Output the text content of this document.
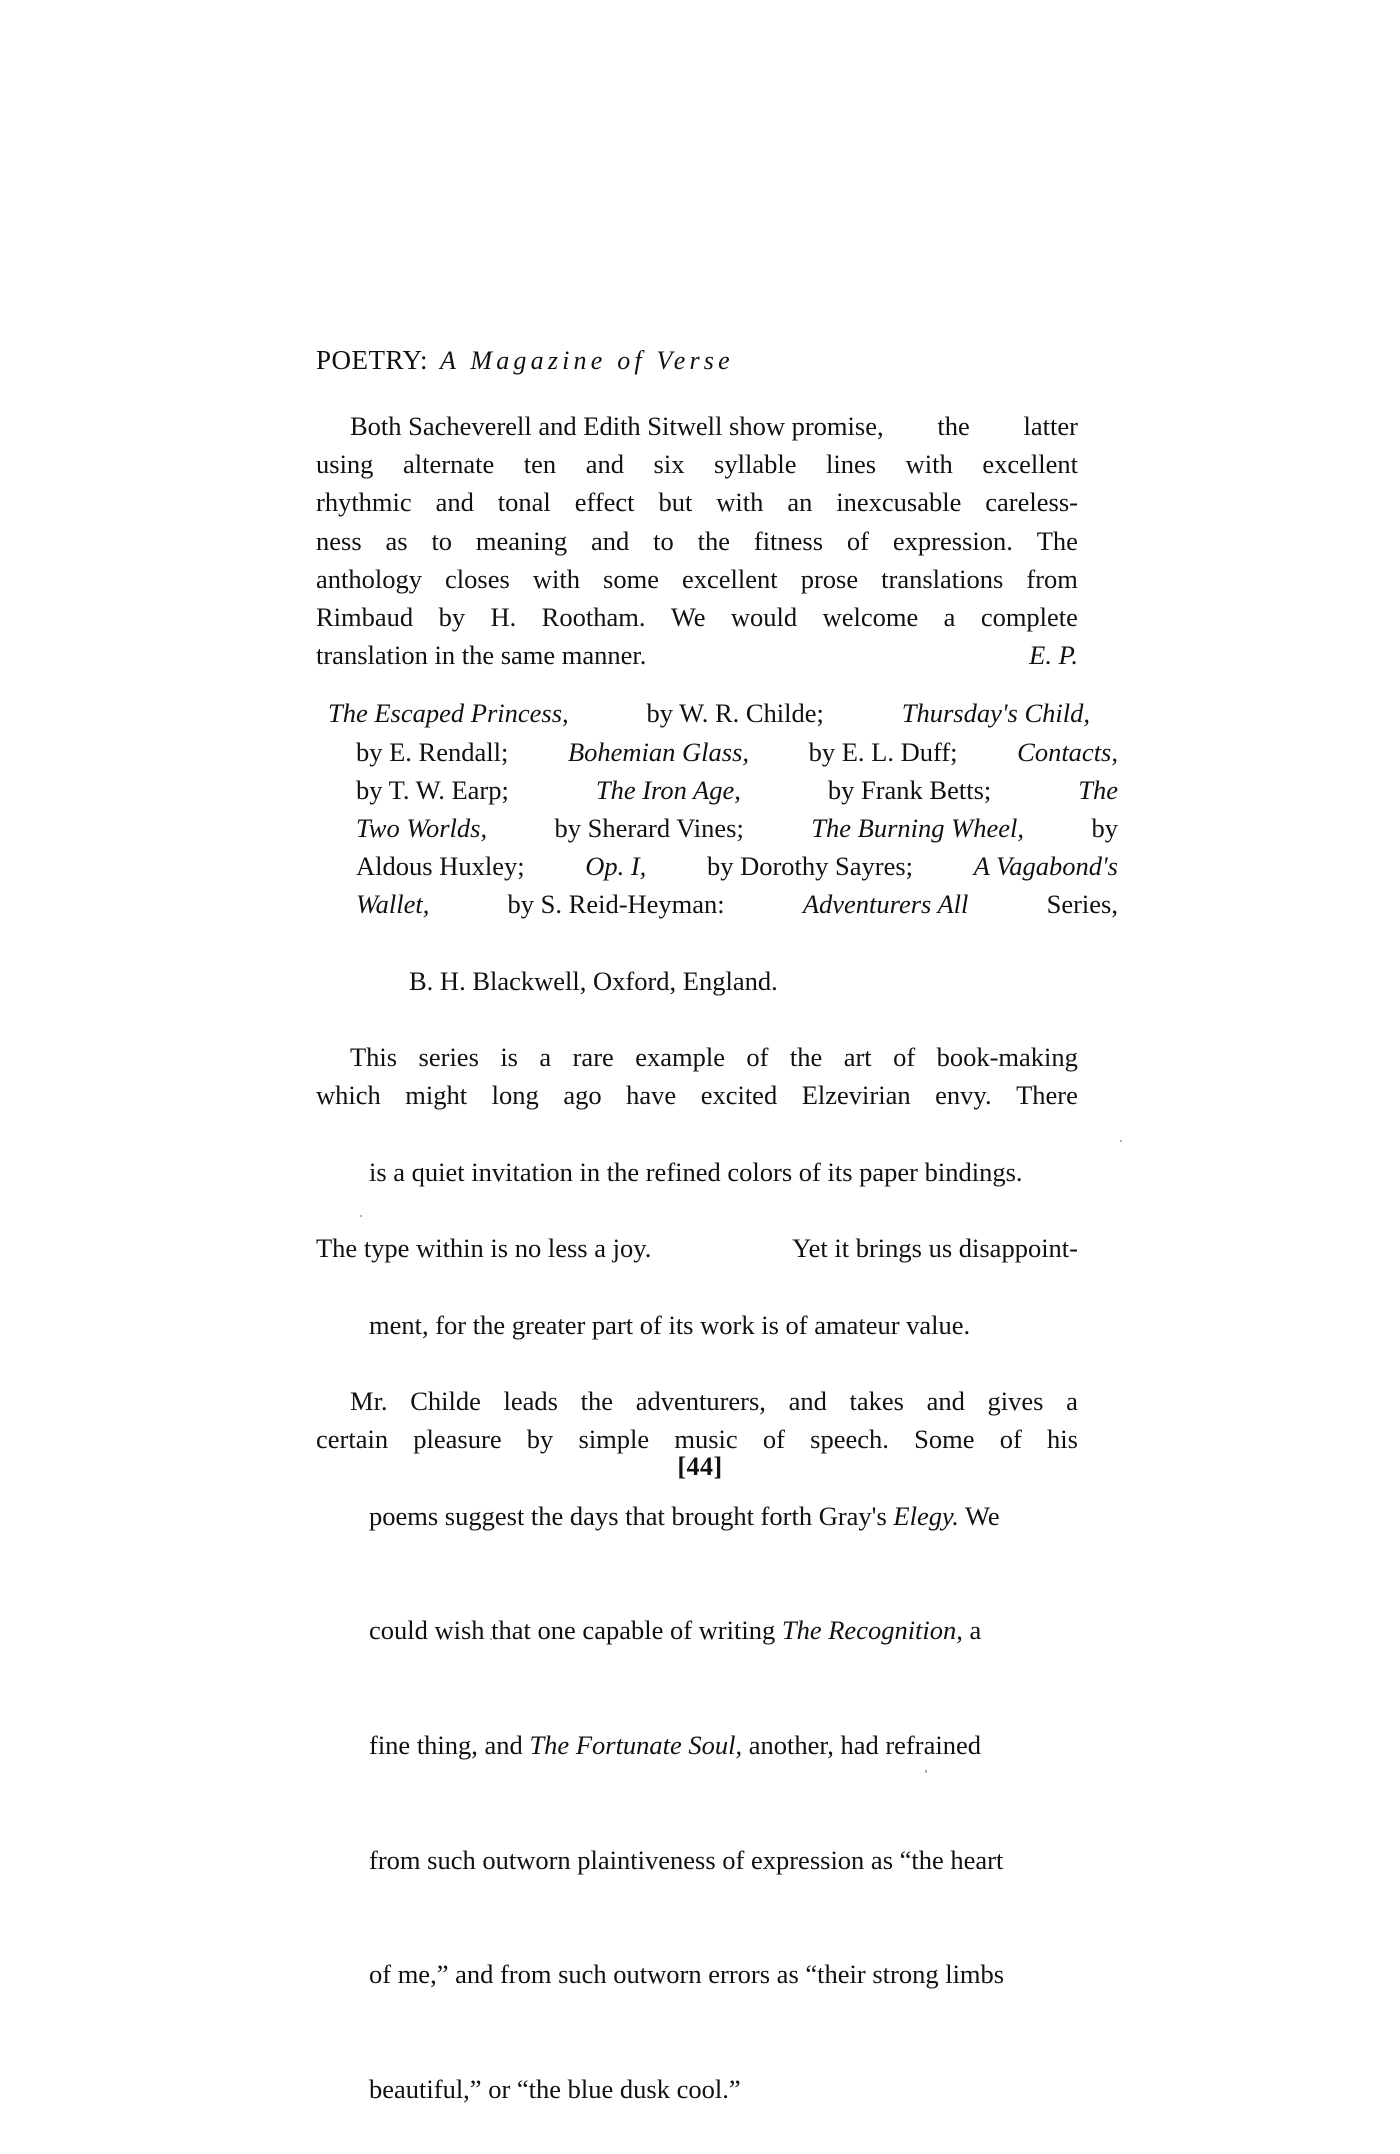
POETRY: A Magazine of Verse
Both Sacheverell and Edith Sitwell show promise, the latter
using alternate ten and six syllable lines with excellent
rhythmic and tonal effect but with an inexcusable careless-
ness as to meaning and to the fitness of expression. The
anthology closes with some excellent prose translations from
Rimbaud by H. Rootham. We would welcome a complete
translation in the same manner.	E. P.
The Escaped Princess,	by W. R. Childe;	Thursday's Child,
by E. Rendall; Bohemian Glass, by E. L. Duff; Contacts,
by T. W. Earp;	The Iron Age,	by Frank Betts;	The
Two Worlds, by Sherard Vines; The Burning Wheel, by
Aldous Huxley; Op. I, by Dorothy Sayres; A Vagabond's
Wallet,	by S. Reid-Heyman:	Adventurers All	Series,

B. H. Blackwell, Oxford, England.

This series is a rare example of the art of book-making
which might long ago have excited Elzevirian envy. There

is a quiet invitation in the refined colors of its paper bindings.

The type within is no less a joy.	Yet it brings us disappoint-

ment, for the greater part of its work is of amateur value.

Mr. Childe leads the adventurers, and takes and gives a
certain pleasure by simple music of speech. Some of his

poems suggest the days that brought forth Gray's Elegy. We

could wish that one capable of writing The Recognition, a

fine thing, and The Fortunate Soul, another, had refrained

from such outworn plaintiveness of expression as “the heart

of me,” and from such outworn errors as “their strong limbs

beautiful,” or “the blue dusk cool.”

[44]
